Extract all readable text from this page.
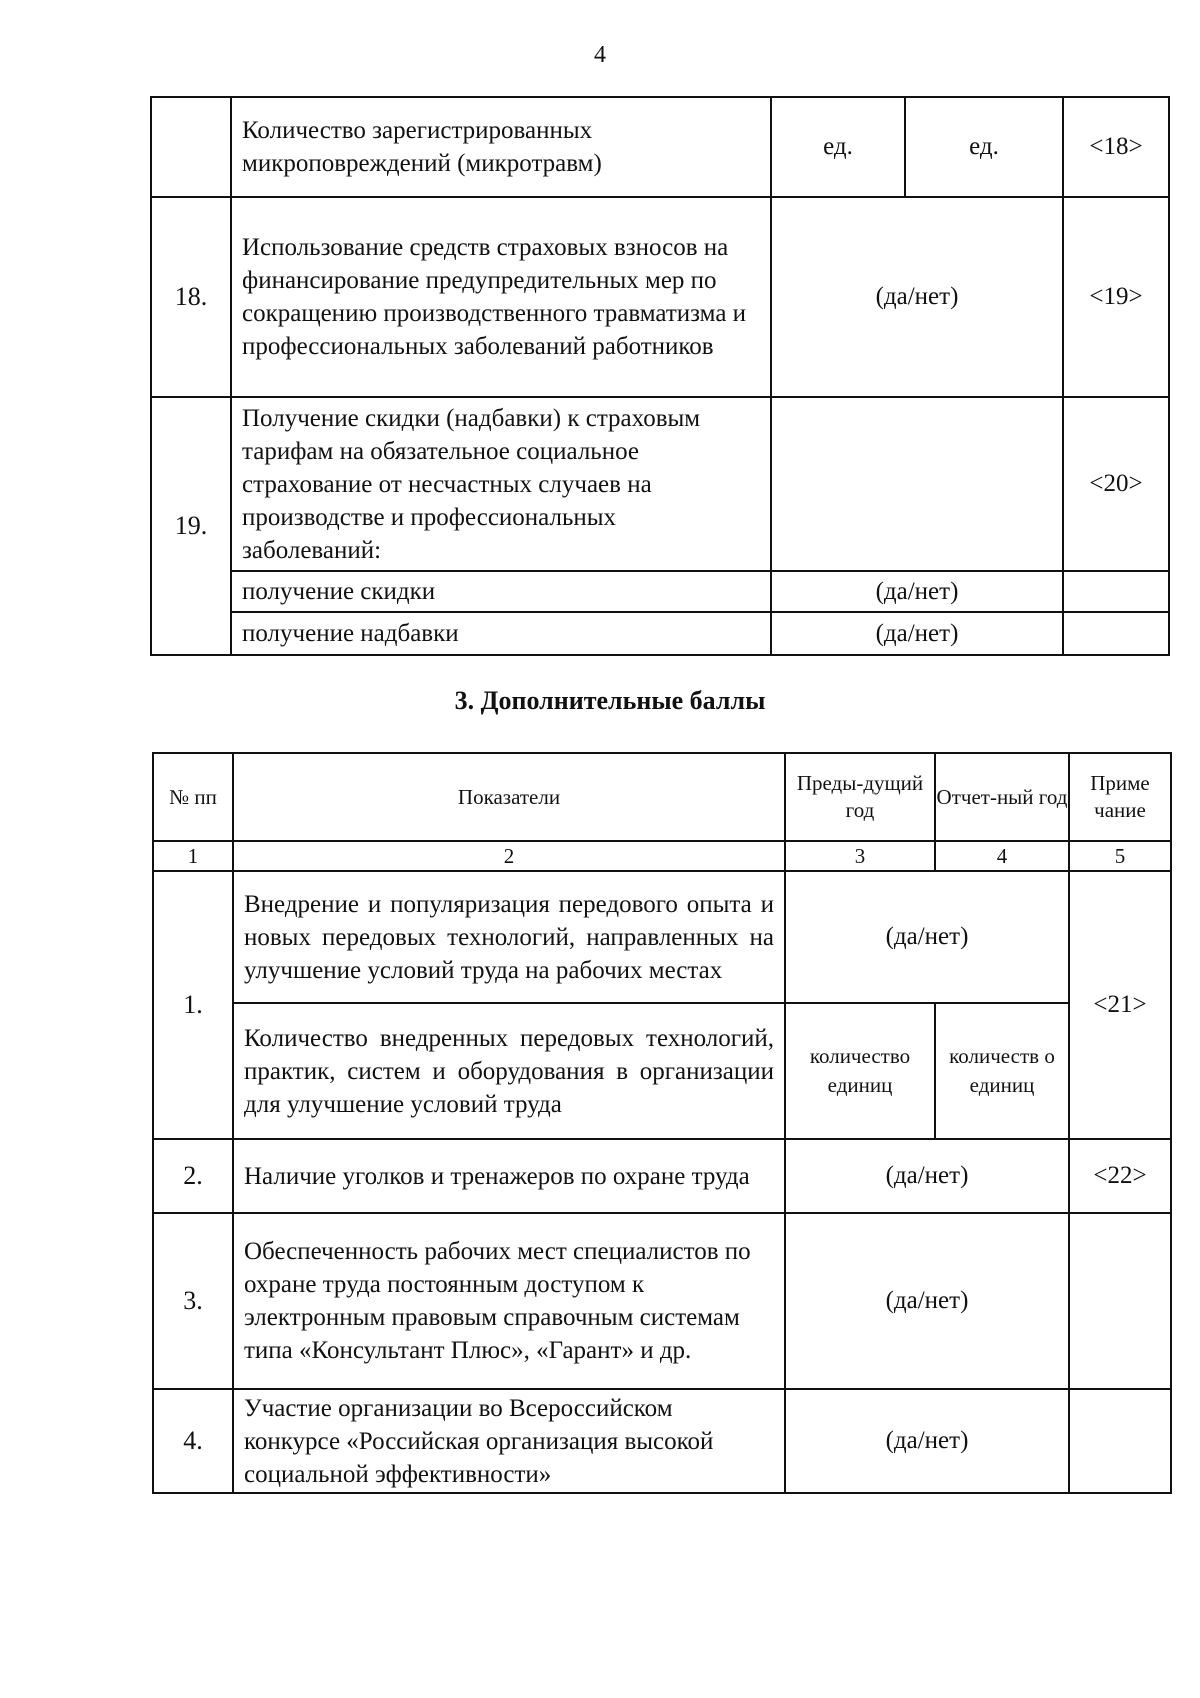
4
	Количество зарегистрированных микроповреждений (микротравм)	ед.	ед.	<18>
18.	Использование средств страховых взносов на финансирование предупредительных мер по сокращению производственного травматизма и профессиональных заболеваний работников	(да/нет)		<19>
19.	Получение скидки (надбавки) к страховым тарифам на обязательное социальное страхование от несчастных случаев на производстве и профессиональных заболеваний:			<20>
	получение скидки	(да/нет)		
	получение надбавки	(да/нет)		
3. Дополнительные баллы
№ пп	Показатели	Преды-дущий год	Отчет-ный год	Приме чание
1	2	3	4	5
1.	Внедрение и популяризация передового опыта и новых передовых технологий, направленных на улучшение условий труда на рабочих местах	(да/нет)		<21>
	Количество внедренных передовых технологий, практик, систем и оборудования в организации для улучшение условий труда	количество единиц	количеств о единиц	
2.	Наличие уголков и тренажеров по охране труда	(да/нет)		<22>
3.	Обеспеченность рабочих мест специалистов по охране труда постоянным доступом к электронным правовым справочным системам типа «Консультант Плюс», «Гарант» и др.	(да/нет)		
4.	Участие организации во Всероссийском конкурсе «Российская организация высокой социальной эффективности»	(да/нет)		
